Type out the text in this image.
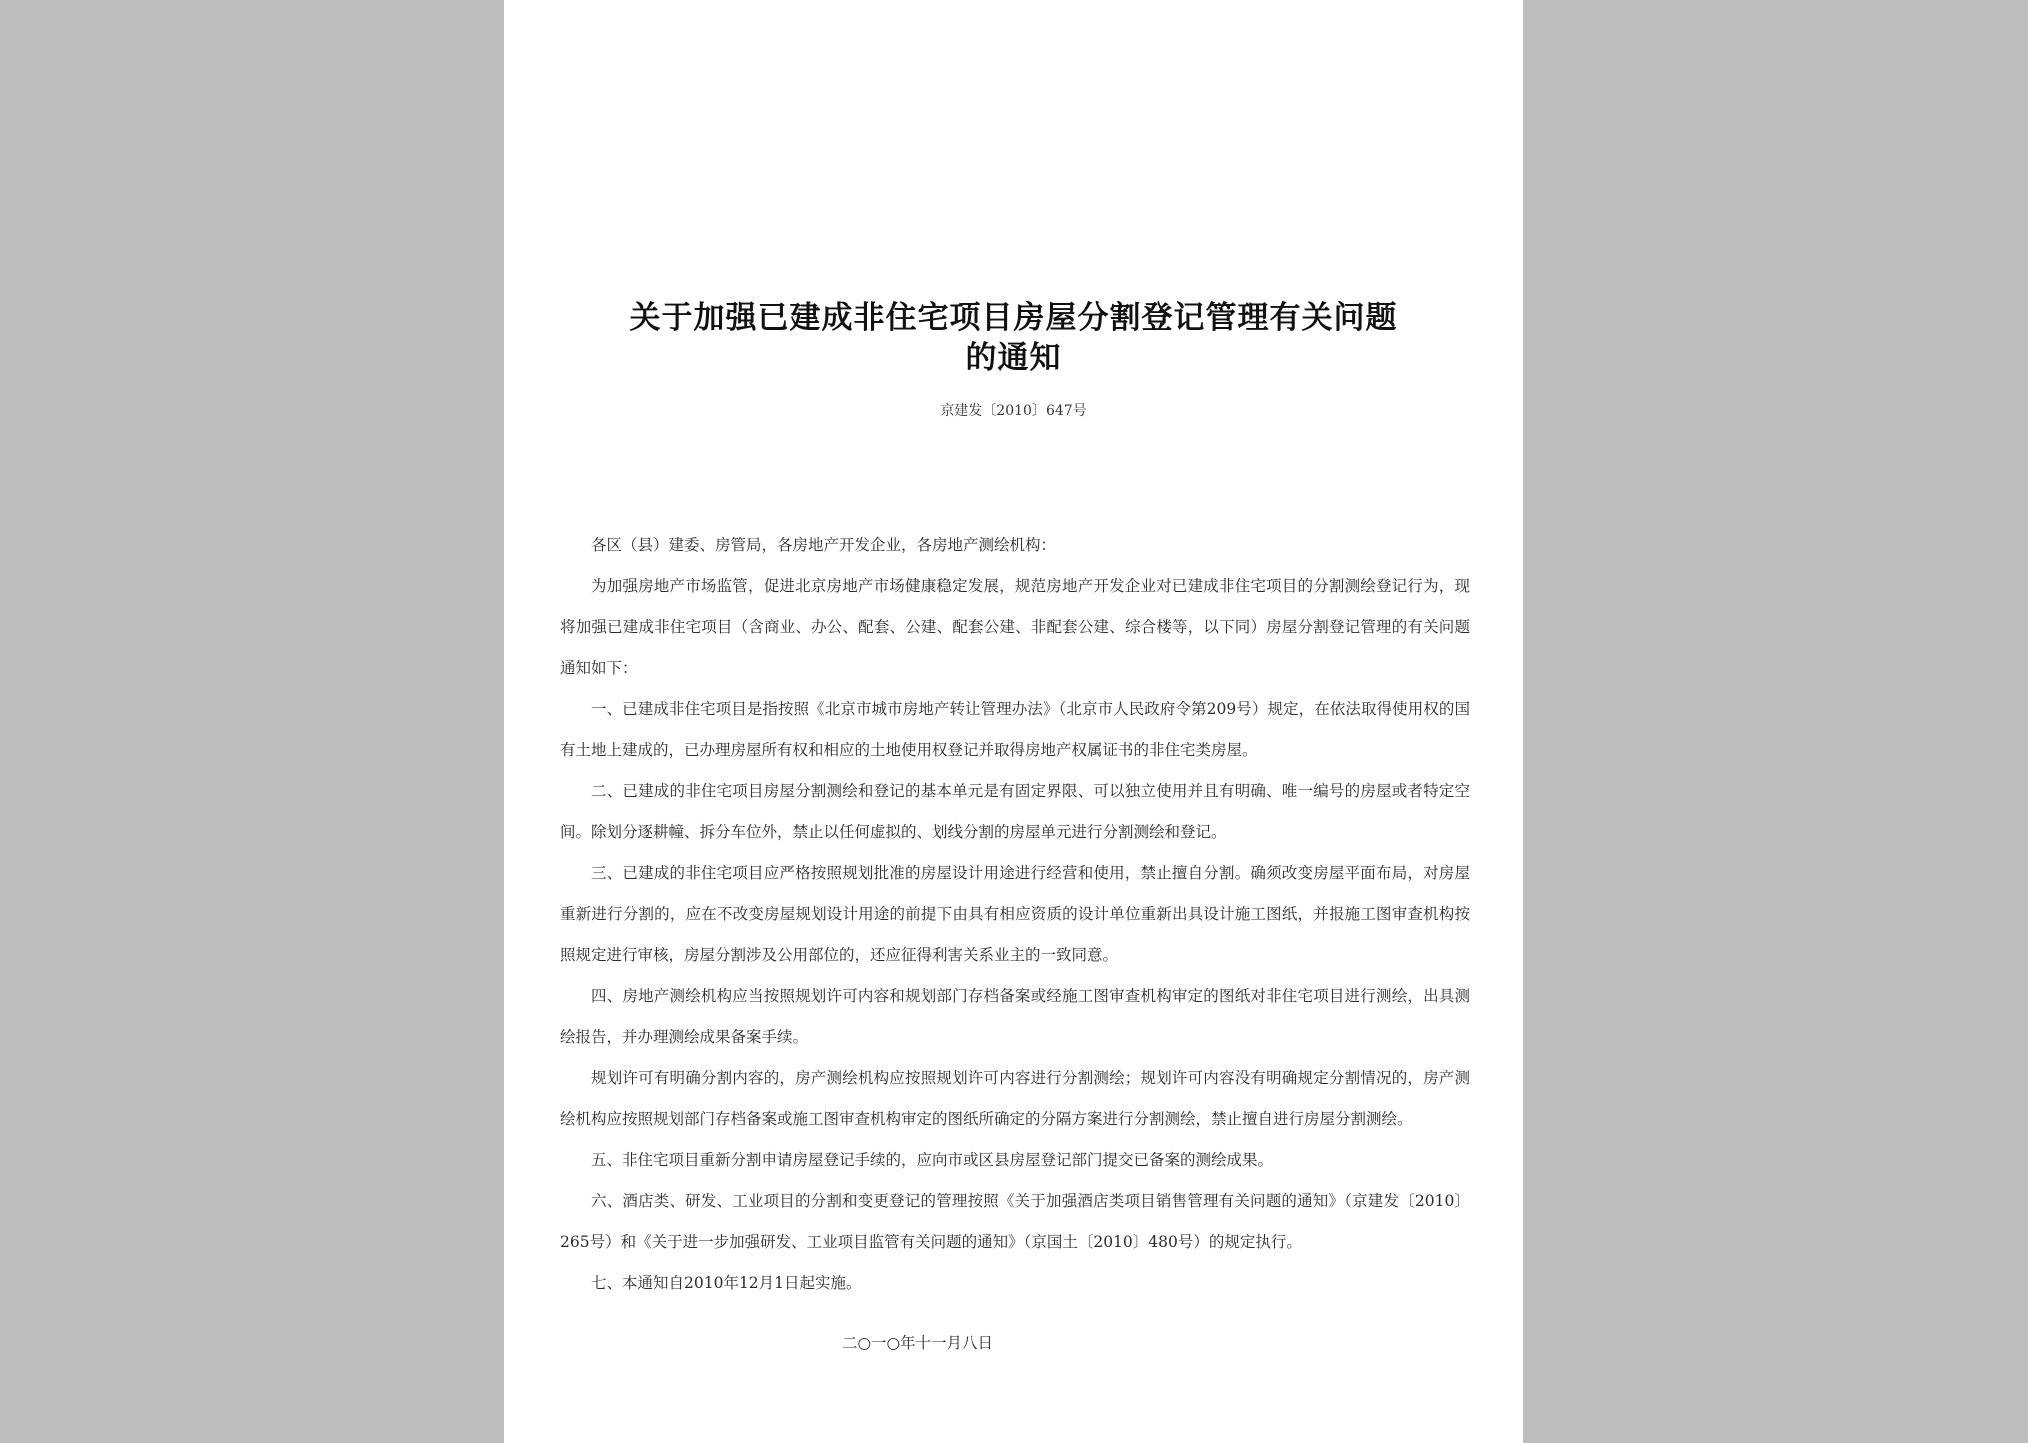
关于加强已建成非住宅项目房屋分割登记管理有关问题
的通知
京建发〔2010〕647号

各区（县）建委、房管局，各房地产开发企业，各房地产测绘机构：

为加强房地产市场监管，促进北京房地产市场健康稳定发展，规范房地产开发企业对已建成非住宅项目的分割测绘登记行为，现将加强已建成非住宅项目（含商业、办公、配套、公建、配套公建、非配套公建、综合楼等，以下同）房屋分割登记管理的有关问题通知如下：

一、已建成非住宅项目是指按照《北京市城市房地产转让管理办法》（北京市人民政府令第209号）规定，在依法取得使用权的国有土地上建成的，已办理房屋所有权和相应的土地使用权登记并取得房地产权属证书的非住宅类房屋。

二、已建成的非住宅项目房屋分割测绘和登记的基本单元是有固定界限、可以独立使用并且有明确、唯一编号的房屋或者特定空间。除划分逐耕幢、拆分车位外，禁止以任何虚拟的、划线分割的房屋单元进行分割测绘和登记。

三、已建成的非住宅项目应严格按照规划批准的房屋设计用途进行经营和使用，禁止擅自分割。确须改变房屋平面布局，对房屋重新进行分割的，应在不改变房屋规划设计用途的前提下由具有相应资质的设计单位重新出具设计施工图纸，并报施工图审查机构按照规定进行审核，房屋分割涉及公用部位的，还应征得利害关系业主的一致同意。

四、房地产测绘机构应当按照规划许可内容和规划部门存档备案或经施工图审查机构审定的图纸对非住宅项目进行测绘，出具测绘报告，并办理测绘成果备案手续。

规划许可有明确分割内容的，房产测绘机构应按照规划许可内容进行分割测绘；规划许可内容没有明确规定分割情况的，房产测绘机构应按照规划部门存档备案或施工图审查机构审定的图纸所确定的分隔方案进行分割测绘，禁止擅自进行房屋分割测绘。

五、非住宅项目重新分割申请房屋登记手续的，应向市或区县房屋登记部门提交已备案的测绘成果。

六、酒店类、研发、工业项目的分割和变更登记的管理按照《关于加强酒店类项目销售管理有关问题的通知》（京建发〔2010〕265号）和《关于进一步加强研发、工业项目监管有关问题的通知》（京国土〔2010〕480号）的规定执行。

七、本通知自2010年12月1日起实施。

二○一○年十一月八日
